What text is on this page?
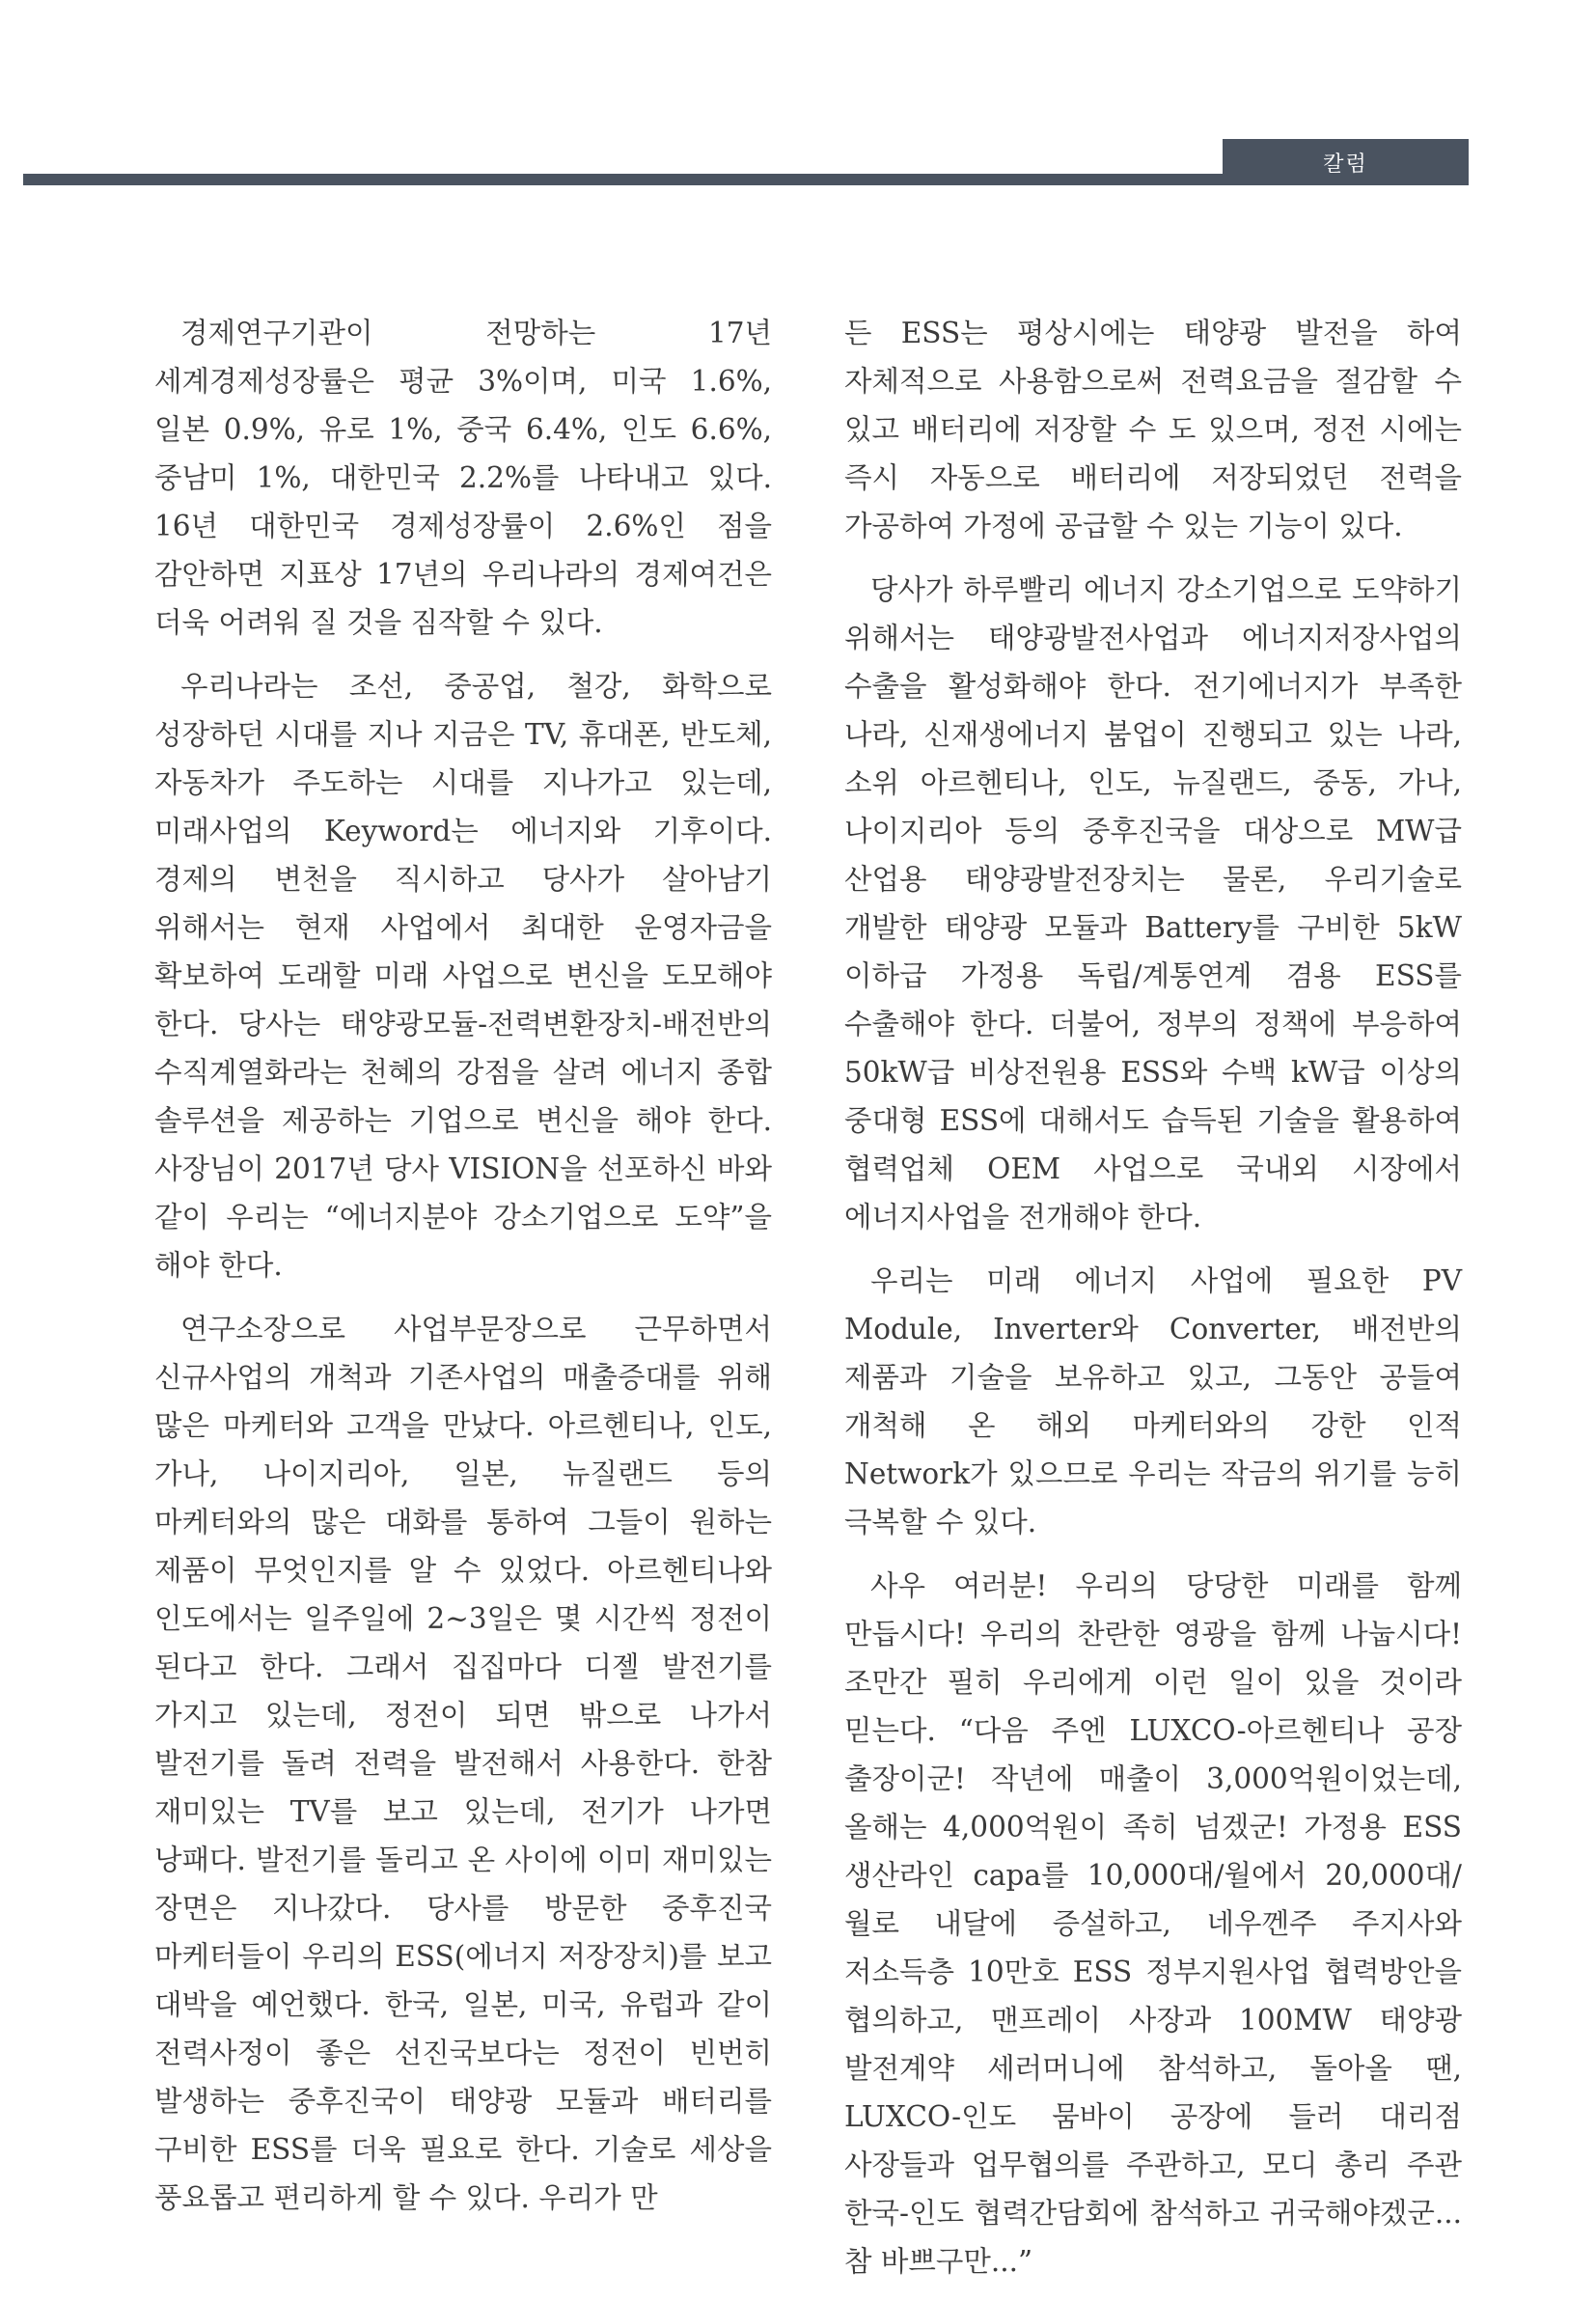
칼럼

경제연구기관이 전망하는 17년 세계경제성장률은 평균 3%이며, 미국 1.6%, 일본 0.9%, 유로 1%, 중국 6.4%, 인도 6.6%, 중남미 1%, 대한민국 2.2%를 나타내고 있다. 16년 대한민국 경제성장률이 2.6%인 점을 감안하면 지표상 17년의 우리나라의 경제여건은 더욱 어려워 질 것을 짐작할 수 있다.

우리나라는 조선, 중공업, 철강, 화학으로 성장하던 시대를 지나 지금은 TV, 휴대폰, 반도체, 자동차가 주도하는 시대를 지나가고 있는데, 미래사업의 Keyword는 에너지와 기후이다. 경제의 변천을 직시하고 당사가 살아남기 위해서는 현재 사업에서 최대한 운영자금을 확보하여 도래할 미래 사업으로 변신을 도모해야 한다. 당사는 태양광모듈-전력변환장치-배전반의 수직계열화라는 천혜의 강점을 살려 에너지 종합 솔루션을 제공하는 기업으로 변신을 해야 한다. 사장님이 2017년 당사 VISION을 선포하신 바와 같이 우리는 “에너지분야 강소기업으로 도약”을 해야 한다.

연구소장으로 사업부문장으로 근무하면서 신규사업의 개척과 기존사업의 매출증대를 위해 많은 마케터와 고객을 만났다. 아르헨티나, 인도, 가나, 나이지리아, 일본, 뉴질랜드 등의 마케터와의 많은 대화를 통하여 그들이 원하는 제품이 무엇인지를 알 수 있었다. 아르헨티나와 인도에서는 일주일에 2~3일은 몇 시간씩 정전이 된다고 한다. 그래서 집집마다 디젤 발전기를 가지고 있는데, 정전이 되면 밖으로 나가서 발전기를 돌려 전력을 발전해서 사용한다. 한참 재미있는 TV를 보고 있는데, 전기가 나가면 낭패다. 발전기를 돌리고 온 사이에 이미 재미있는 장면은 지나갔다. 당사를 방문한 중후진국 마케터들이 우리의 ESS(에너지 저장장치)를 보고 대박을 예언했다. 한국, 일본, 미국, 유럽과 같이 전력사정이 좋은 선진국보다는 정전이 빈번히 발생하는 중후진국이 태양광 모듈과 배터리를 구비한 ESS를 더욱 필요로 한다. 기술로 세상을 풍요롭고 편리하게 할 수 있다. 우리가 만

든 ESS는 평상시에는 태양광 발전을 하여 자체적으로 사용함으로써 전력요금을 절감할 수 있고 배터리에 저장할 수 도 있으며, 정전 시에는 즉시 자동으로 배터리에 저장되었던 전력을 가공하여 가정에 공급할 수 있는 기능이 있다.

당사가 하루빨리 에너지 강소기업으로 도약하기 위해서는 태양광발전사업과 에너지저장사업의 수출을 활성화해야 한다. 전기에너지가 부족한 나라, 신재생에너지 붐업이 진행되고 있는 나라, 소위 아르헨티나, 인도, 뉴질랜드, 중동, 가나, 나이지리아 등의 중후진국을 대상으로 MW급 산업용 태양광발전장치는 물론, 우리기술로 개발한 태양광 모듈과 Battery를 구비한 5kW 이하급 가정용 독립/계통연계 겸용 ESS를 수출해야 한다. 더불어, 정부의 정책에 부응하여 50kW급 비상전원용 ESS와 수백 kW급 이상의 중대형 ESS에 대해서도 습득된 기술을 활용하여 협력업체 OEM 사업으로 국내외 시장에서 에너지사업을 전개해야 한다.

우리는 미래 에너지 사업에 필요한 PV Module, Inverter와 Converter, 배전반의 제품과 기술을 보유하고 있고, 그동안 공들여 개척해 온 해외 마케터와의 강한 인적 Network가 있으므로 우리는 작금의 위기를 능히 극복할 수 있다.

사우 여러분! 우리의 당당한 미래를 함께 만듭시다! 우리의 찬란한 영광을 함께 나눕시다! 조만간 필히 우리에게 이런 일이 있을 것이라 믿는다. “다음 주엔 LUXCO-아르헨티나 공장 출장이군! 작년에 매출이 3,000억원이었는데, 올해는 4,000억원이 족히 넘겠군! 가정용 ESS 생산라인 capa를 10,000대/월에서 20,000대/월로 내달에 증설하고, 네우껜주 주지사와 저소득층 10만호 ESS 정부지원사업 협력방안을 협의하고, 맨프레이 사장과 100MW 태양광 발전계약 세러머니에 참석하고, 돌아올 땐, LUXCO-인도 뭄바이 공장에 들러 대리점 사장들과 업무협의를 주관하고, 모디 총리 주관 한국-인도 협력간담회에 참석하고 귀국해야겠군... 참 바쁘구만...”
